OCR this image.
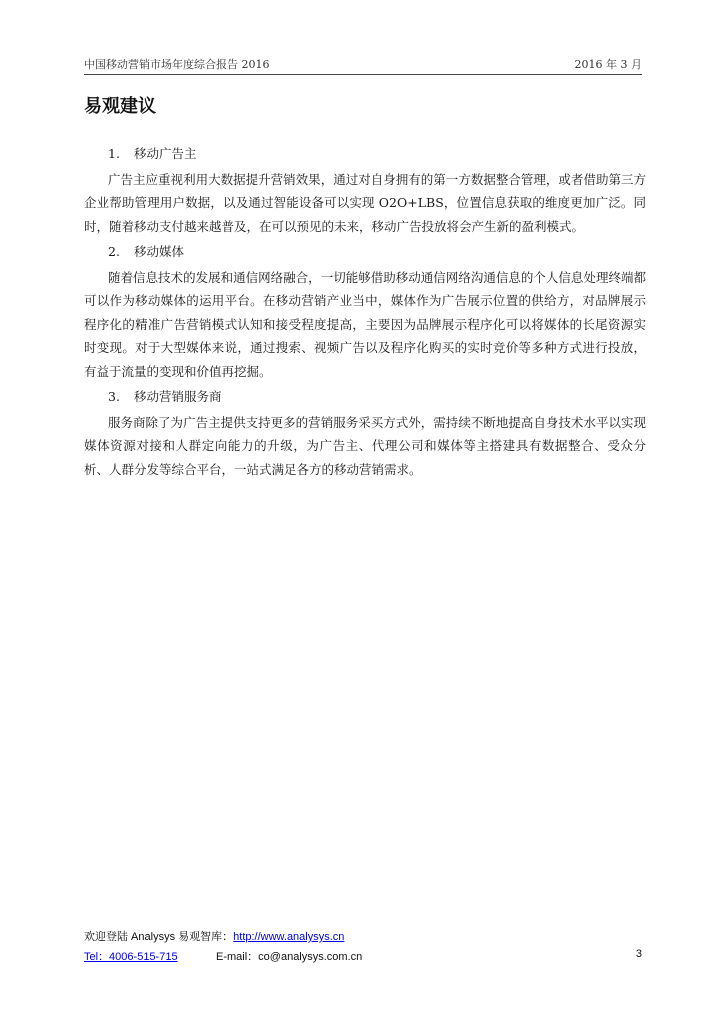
中国移动营销市场年度综合报告 2016	2016 年 3 月
易观建议
1. 移动广告主

广告主应重视利用大数据提升营销效果，通过对自身拥有的第一方数据整合管理，或者借助第三方企业帮助管理用户数据，以及通过智能设备可以实现 O2O+LBS，位置信息获取的维度更加广泛。同时，随着移动支付越来越普及，在可以预见的未来，移动广告投放将会产生新的盈利模式。

2. 移动媒体

随着信息技术的发展和通信网络融合，一切能够借助移动通信网络沟通信息的个人信息处理终端都可以作为移动媒体的运用平台。在移动营销产业当中，媒体作为广告展示位置的供给方，对品牌展示程序化的精准广告营销模式认知和接受程度提高，主要因为品牌展示程序化可以将媒体的长尾资源实时变现。对于大型媒体来说，通过搜索、视频广告以及程序化购买的实时竞价等多种方式进行投放，有益于流量的变现和价值再挖掘。

3. 移动营销服务商

服务商除了为广告主提供支持更多的营销服务采买方式外，需持续不断地提高自身技术水平以实现媒体资源对接和人群定向能力的升级，为广告主、代理公司和媒体等主搭建具有数据整合、受众分析、人群分发等综合平台，一站式满足各方的移动营销需求。

欢迎登陆 Analysys 易观智库：http://www.analysys.cn
Tel：4006-515-715	E-mail：co@analysys.com.cn	3
